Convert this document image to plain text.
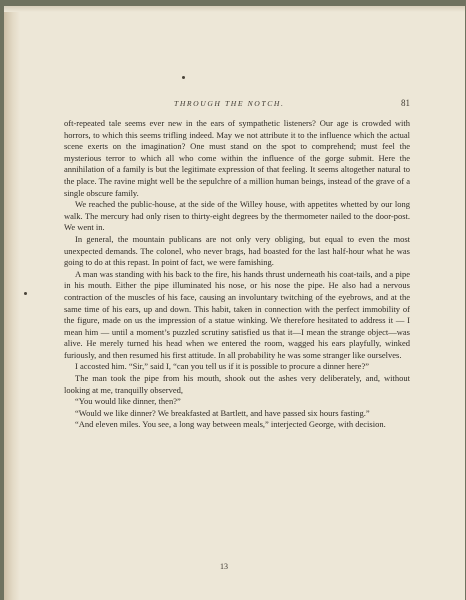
THROUGH THE NOTCH.	81

oft-repeated tale seems ever new in the ears of sympathetic listeners? Our age is crowded with horrors, to which this seems trifling indeed. May we not attribute it to the influence which the actual scene exerts on the imagination? One must stand on the spot to comprehend; must feel the mysterious terror to which all who come within the influence of the gorge submit. Here the annihilation of a family is but the legitimate expression of that feeling. It seems altogether natural to the place. The ravine might well be the sepulchre of a million human beings, instead of the grave of a single obscure family.

We reached the public-house, at the side of the Willey house, with appetites whetted by our long walk. The mercury had only risen to thirty-eight degrees by the thermometer nailed to the door-post. We went in.

In general, the mountain publicans are not only very obliging, but equal to even the most unexpected demands. The colonel, who never brags, had boasted for the last half-hour what he was going to do at this repast. In point of fact, we were famishing.

A man was standing with his back to the fire, his hands thrust underneath his coat-tails, and a pipe in his mouth. Either the pipe illuminated his nose, or his nose the pipe. He also had a nervous contraction of the muscles of his face, causing an involuntary twitching of the eyebrows, and at the same time of his ears, up and down. This habit, taken in connection with the perfect immobility of the figure, made on us the impression of a statue winking. We therefore hesitated to address it — I mean him — until a moment’s puzzled scrutiny satisfied us that it—I mean the strange object—was alive. He merely turned his head when we entered the room, wagged his ears playfully, winked furiously, and then resumed his first attitude. In all probability he was some stranger like ourselves.

I accosted him. “Sir,” said I, “can you tell us if it is possible to procure a dinner here?”

The man took the pipe from his mouth, shook out the ashes very deliberately, and, without looking at me, tranquilly observed,

“You would like dinner, then?”

“Would we like dinner? We breakfasted at Bartlett, and have passed six hours fasting.”

“And eleven miles. You see, a long way between meals,” interjected George, with decision.

13
